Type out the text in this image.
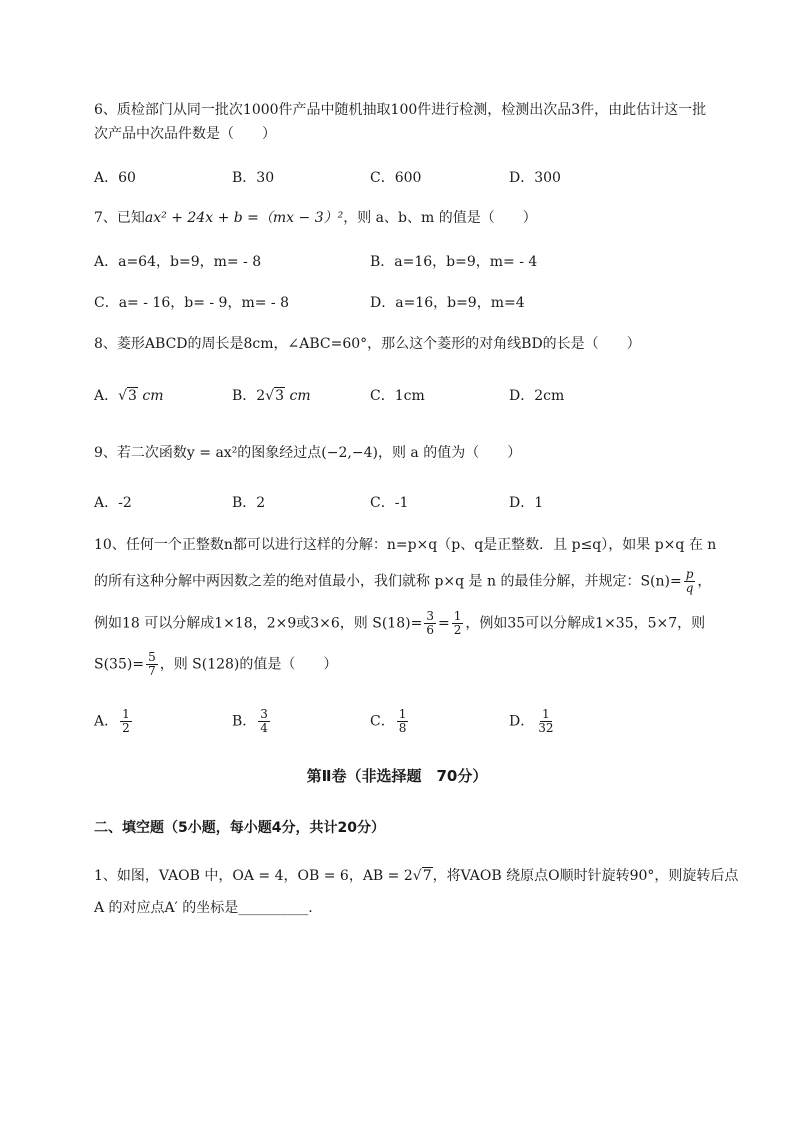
6、质检部门从同一批次1000件产品中随机抽取100件进行检测，检测出次品3件，由此估计这一批
次产品中次品件数是（　　）
A．60	B．30	C．600	D．300
7、已知ax² + 24x + b =（mx − 3）²，则 a、b、m 的值是（　　）
A．a=64，b=9，m= - 8	B．a=16，b=9，m= - 4
C．a= - 16，b= - 9，m= - 8	D．a=16，b=9，m=4
8、菱形ABCD的周长是8cm，∠ABC=60°，那么这个菱形的对角线BD的长是（　　）
A．√3 cm	B．2√3 cm	C．1cm	D．2cm
9、若二次函数y = ax²的图象经过点(−2,−4)，则 a 的值为（　　）
A．-2	B．2	C．-1	D．1
10、任何一个正整数n都可以进行这样的分解：n=p×q（p、q是正整数．且 p≤q），如果 p×q 在 n
的所有这种分解中两因数之差的绝对值最小，我们就称 p×q 是 n 的最佳分解，并规定：$S(n)= \frac{p}{q}$ ，
例如18 可以分解成1×18，2×9或3×6，则 $S(18)= \frac{3}{6} = \frac{1}{2}$ ，例如35可以分解成1×35，5×7，则
$S(35)= \frac{5}{7}$ ，则 S(128)的值是（　　）
A． $\frac{1}{2}$	B． $\frac{3}{4}$	C． $\frac{1}{8}$	D． $\frac{1}{32}$
第Ⅱ卷（非选择题　70分）
二、填空题（5小题，每小题4分，共计20分）
1、如图，VAOB 中，OA = 4，OB = 6，AB = 2√7，将VAOB 绕原点O顺时针旋转90°，则旋转后点
A 的对应点A′ 的坐标是__________.
